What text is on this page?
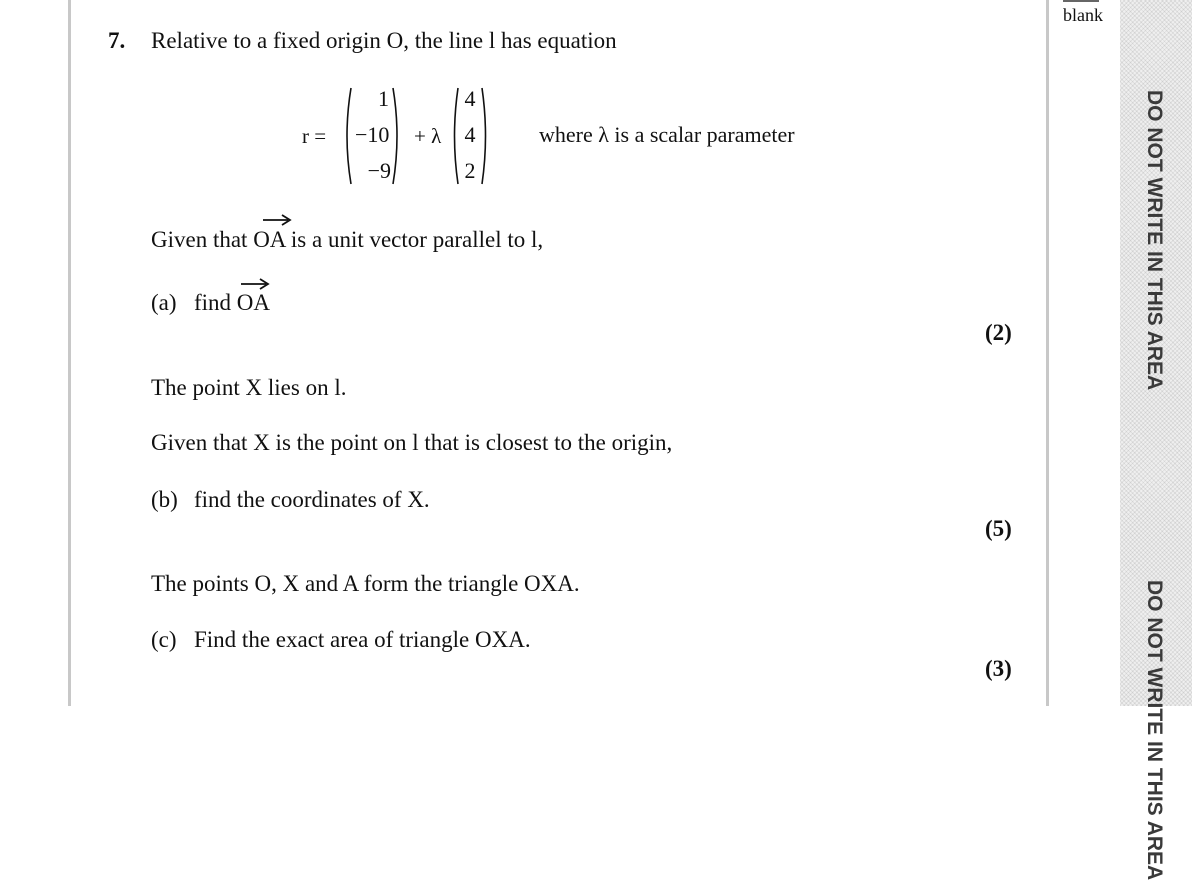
blank
DO NOT WRITE IN THIS AREA
DO NOT WRITE IN THIS AREA
7. Relative to a fixed origin O, the line l has equation
r =
1
−10
−9
+ λ
4
4
2
where λ is a scalar parameter
Given that OA is a unit vector parallel to l,
(a) find OA
(2)
The point X lies on l.
Given that X is the point on l that is closest to the origin,
(b) find the coordinates of X.
(5)
The points O, X and A form the triangle OXA.
(c) Find the exact area of triangle OXA.
(3)
